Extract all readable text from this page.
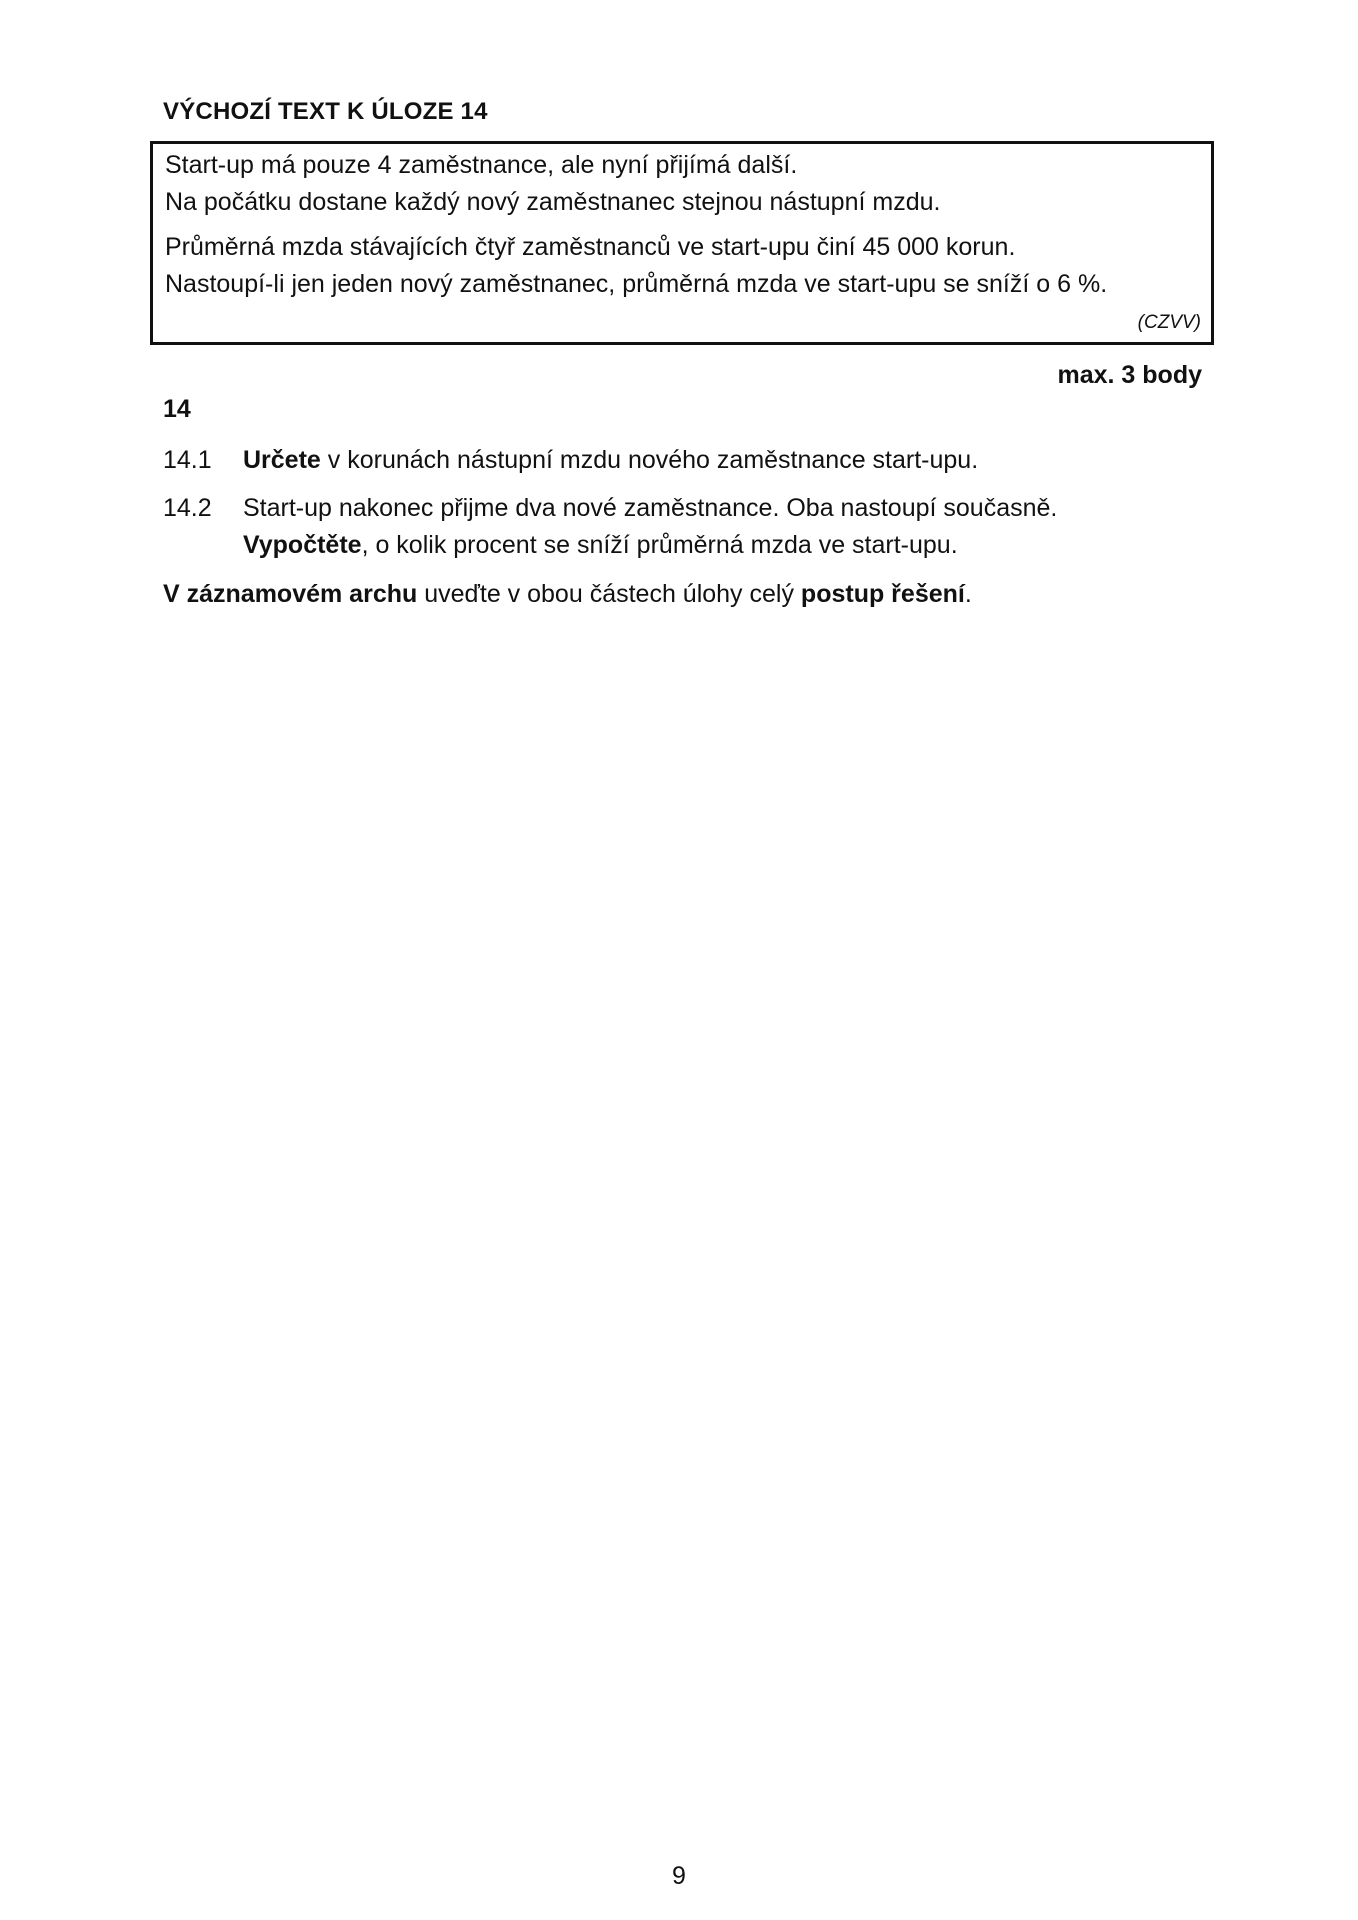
VÝCHOZÍ TEXT K ÚLOZE 14
Start-up má pouze 4 zaměstnance, ale nyní přijímá další.
Na počátku dostane každý nový zaměstnanec stejnou nástupní mzdu.
Průměrná mzda stávajících čtyř zaměstnanců ve start-upu činí 45 000 korun.
Nastoupí-li jen jeden nový zaměstnanec, průměrná mzda ve start-upu se sníží o 6 %.
(CZVV)
max. 3 body
14
14.1 Určete v korunách nástupní mzdu nového zaměstnance start-upu.
14.2 Start-up nakonec přijme dva nové zaměstnance. Oba nastoupí současně.
Vypočtěte, o kolik procent se sníží průměrná mzda ve start-upu.
V záznamovém archu uveďte v obou částech úlohy celý postup řešení.
9
